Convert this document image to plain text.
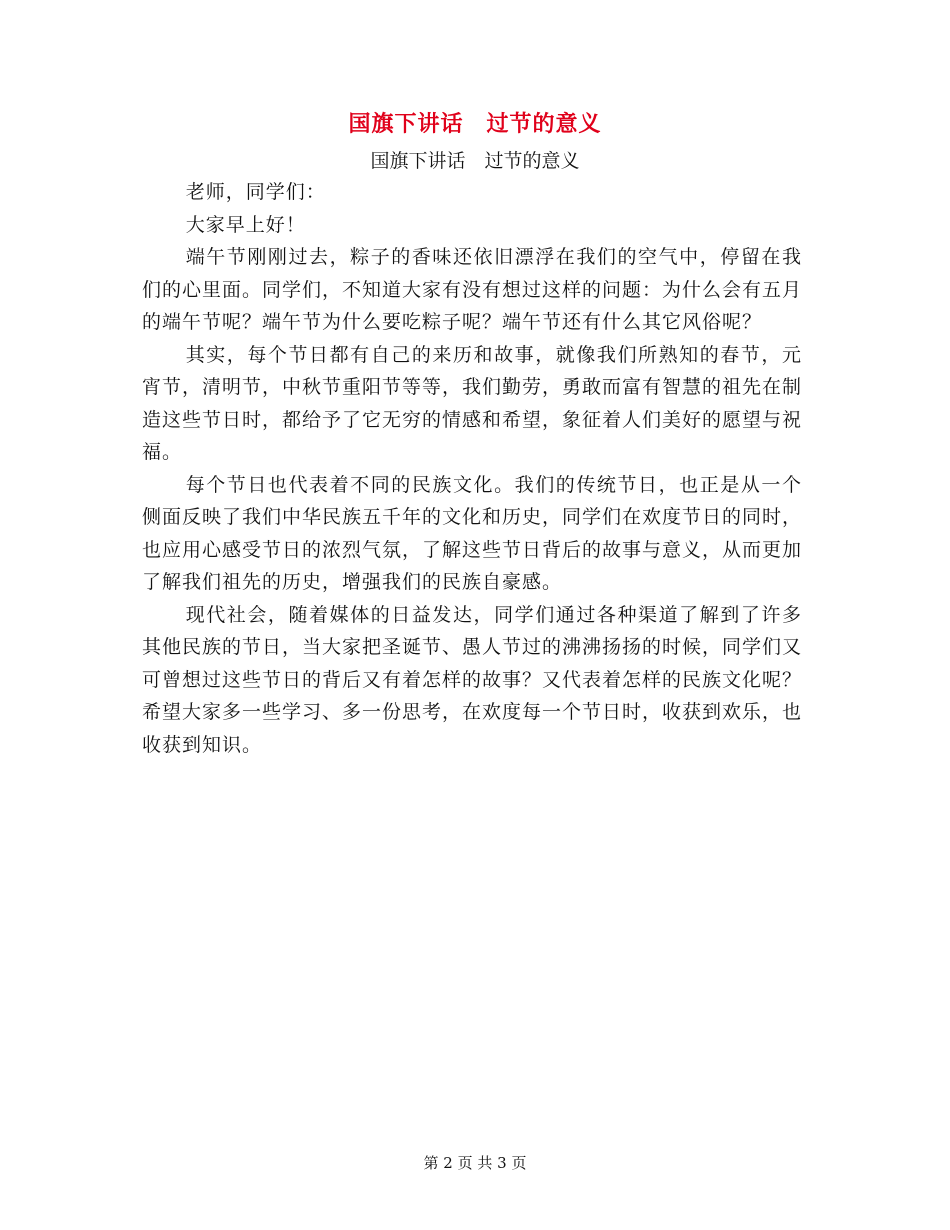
国旗下讲话　过节的意义
国旗下讲话　过节的意义

老师，同学们：

大家早上好！

端午节刚刚过去，粽子的香味还依旧漂浮在我们的空气中，停留在我们的心里面。同学们，不知道大家有没有想过这样的问题：为什么会有五月的端午节呢？端午节为什么要吃粽子呢？端午节还有什么其它风俗呢？

其实，每个节日都有自己的来历和故事，就像我们所熟知的春节，元宵节，清明节，中秋节重阳节等等，我们勤劳，勇敢而富有智慧的祖先在制造这些节日时，都给予了它无穷的情感和希望，象征着人们美好的愿望与祝福。

每个节日也代表着不同的民族文化。我们的传统节日，也正是从一个侧面反映了我们中华民族五千年的文化和历史，同学们在欢度节日的同时，也应用心感受节日的浓烈气氛，了解这些节日背后的故事与意义，从而更加了解我们祖先的历史，增强我们的民族自豪感。

现代社会，随着媒体的日益发达，同学们通过各种渠道了解到了许多其他民族的节日，当大家把圣诞节、愚人节过的沸沸扬扬的时候，同学们又可曾想过这些节日的背后又有着怎样的故事？又代表着怎样的民族文化呢？希望大家多一些学习、多一份思考，在欢度每一个节日时，收获到欢乐，也收获到知识。

第 2 页 共 3 页
